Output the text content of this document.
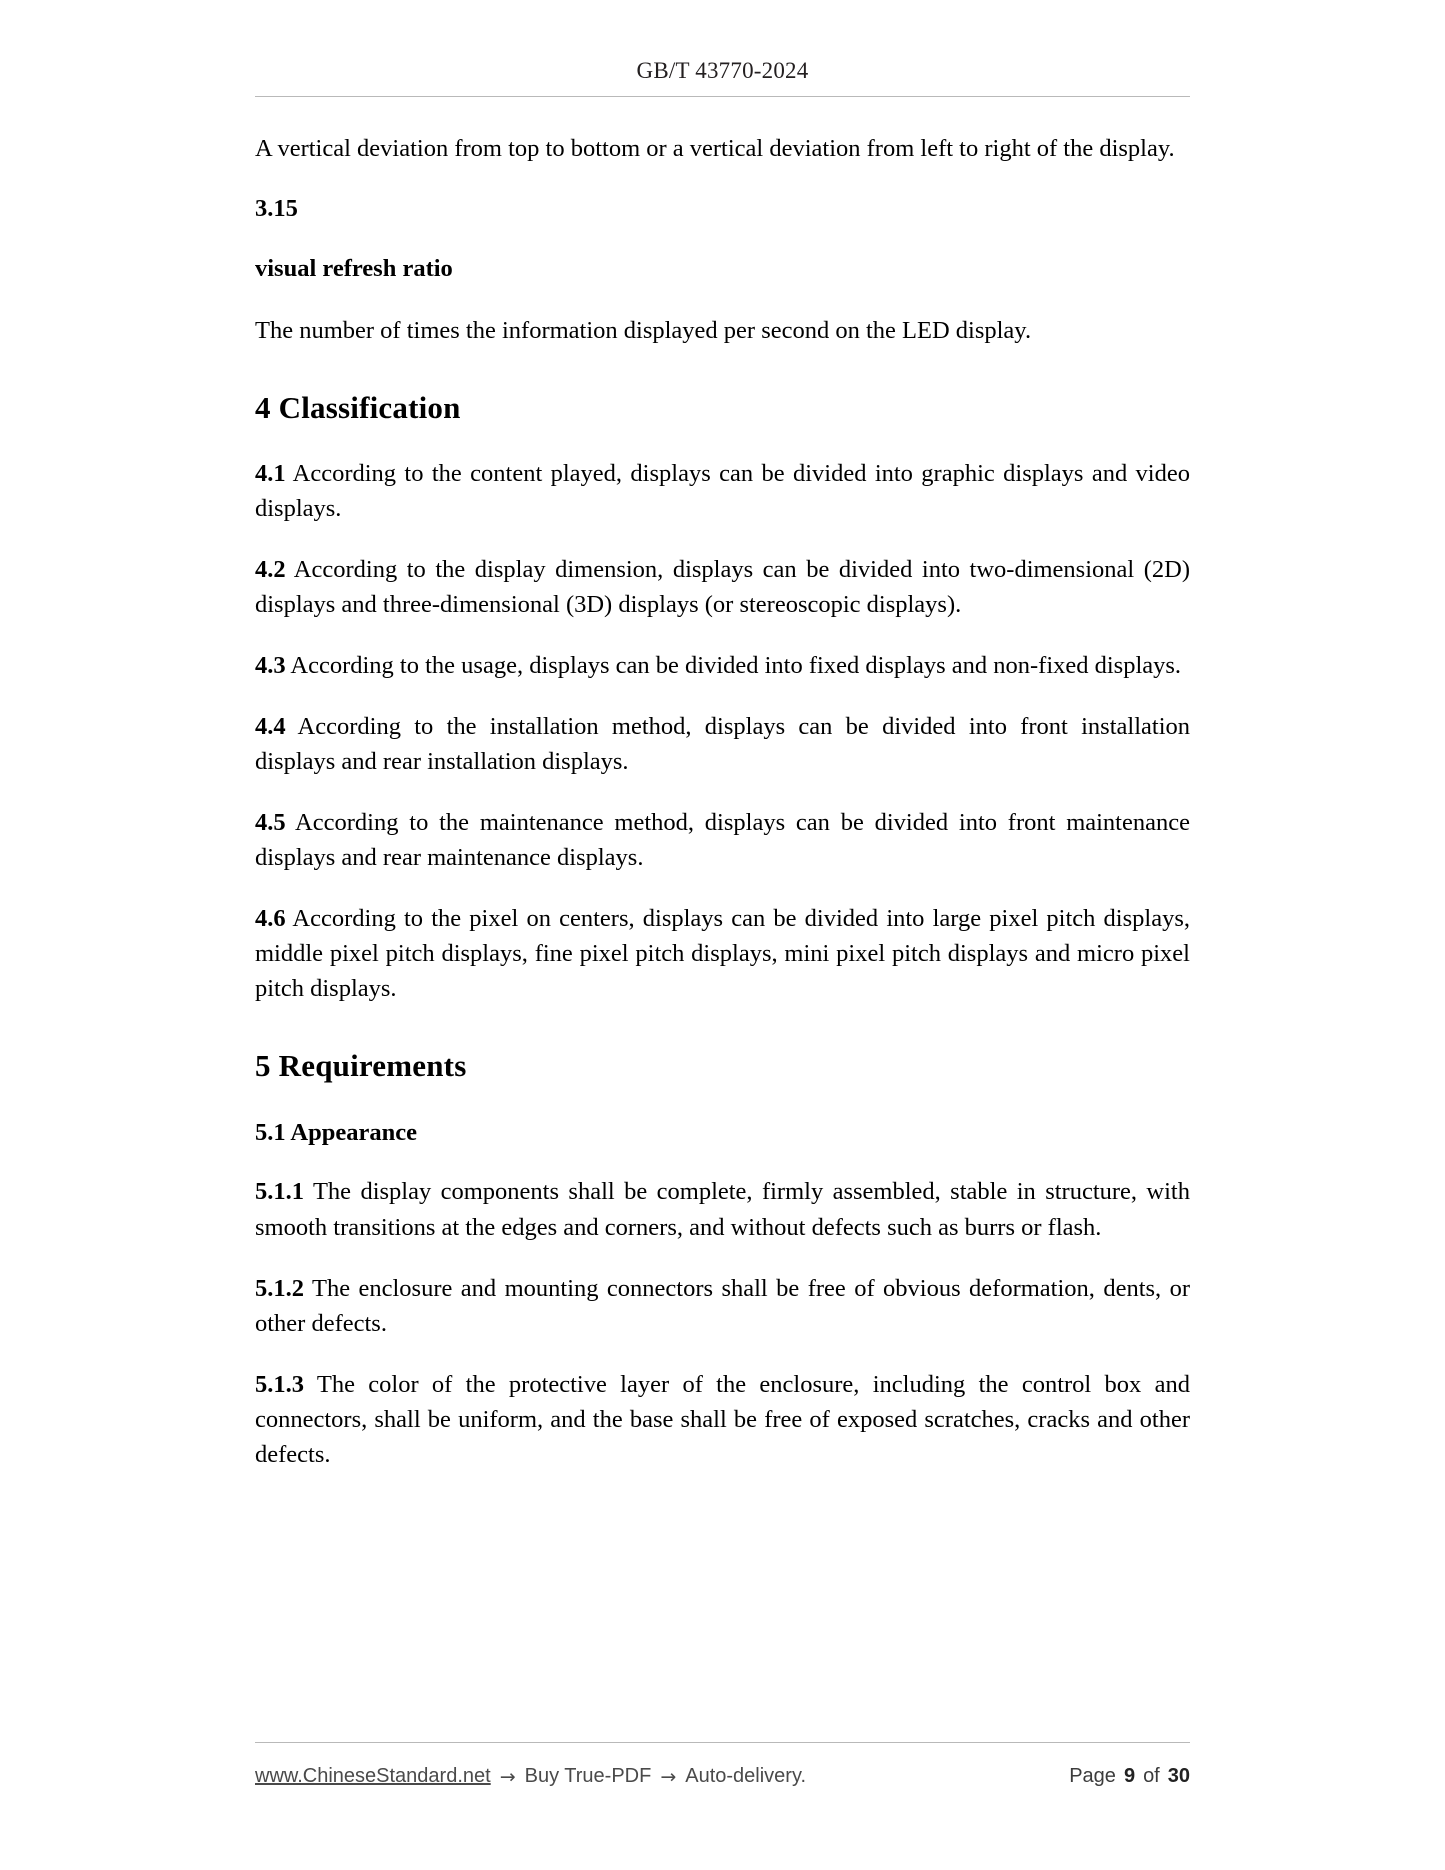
GB/T 43770-2024

A vertical deviation from top to bottom or a vertical deviation from left to right of the display.

3.15
visual refresh ratio

The number of times the information displayed per second on the LED display.

4 Classification

4.1 According to the content played, displays can be divided into graphic displays and video displays.

4.2 According to the display dimension, displays can be divided into two-dimensional (2D) displays and three-dimensional (3D) displays (or stereoscopic displays).

4.3 According to the usage, displays can be divided into fixed displays and non-fixed displays.

4.4 According to the installation method, displays can be divided into front installation displays and rear installation displays.

4.5 According to the maintenance method, displays can be divided into front maintenance displays and rear maintenance displays.

4.6 According to the pixel on centers, displays can be divided into large pixel pitch displays, middle pixel pitch displays, fine pixel pitch displays, mini pixel pitch displays and micro pixel pitch displays.

5 Requirements
5.1 Appearance

5.1.1 The display components shall be complete, firmly assembled, stable in structure, with smooth transitions at the edges and corners, and without defects such as burrs or flash.

5.1.2 The enclosure and mounting connectors shall be free of obvious deformation, dents, or other defects.

5.1.3 The color of the protective layer of the enclosure, including the control box and connectors, shall be uniform, and the base shall be free of exposed scratches, cracks and other defects.

www.ChineseStandard.net → Buy True-PDF → Auto-delivery.	Page 9 of 30
